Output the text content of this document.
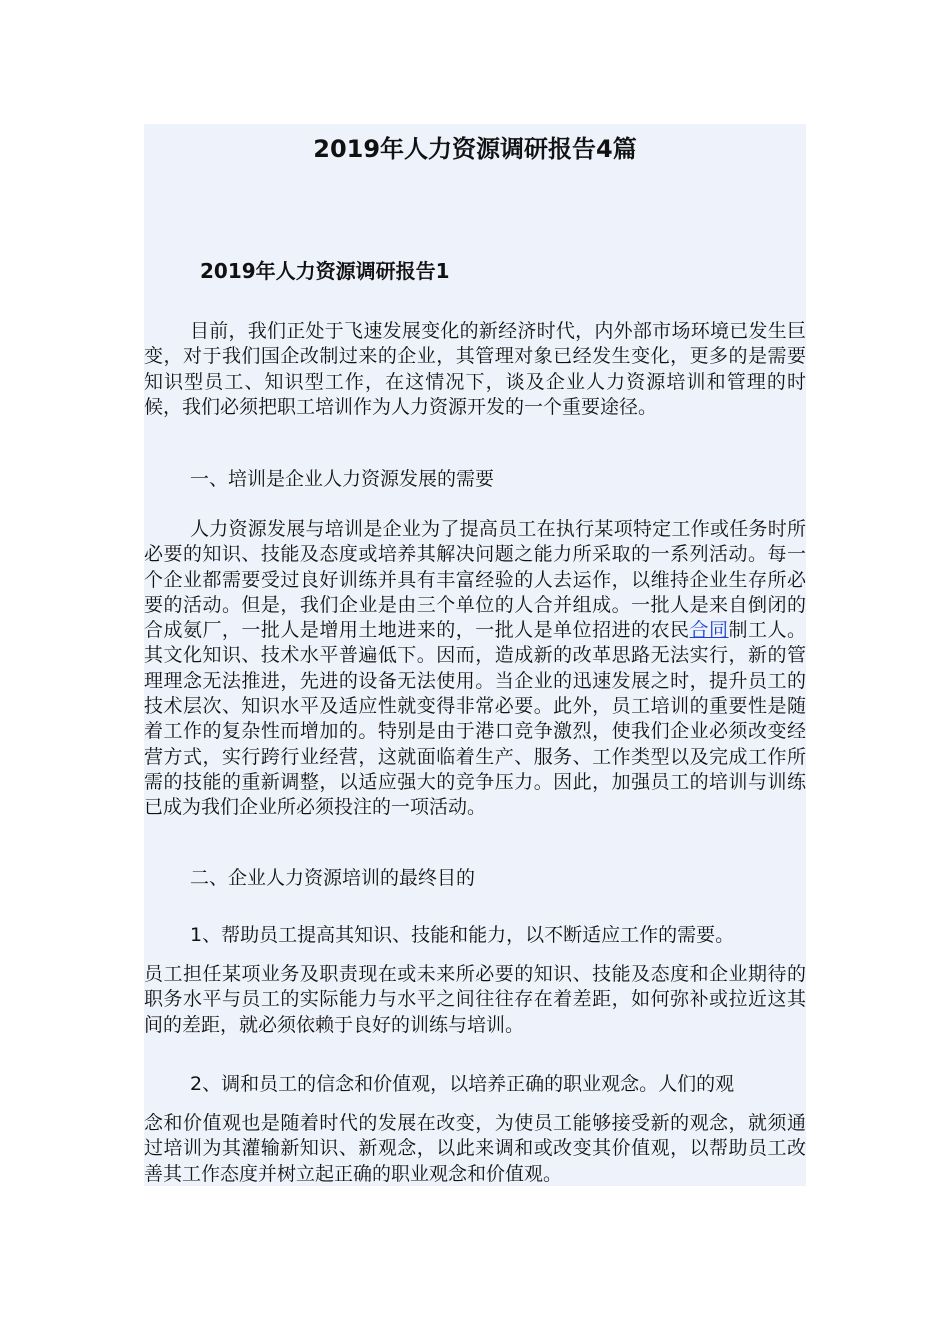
2019年人力资源调研报告4篇
2019年人力资源调研报告1

目前，我们正处于飞速发展变化的新经济时代，内外部市场环境已发生巨变，对于我们国企改制过来的企业，其管理对象已经发生变化，更多的是需要知识型员工、知识型工作，在这情况下，谈及企业人力资源培训和管理的时候，我们必须把职工培训作为人力资源开发的一个重要途径。

一、培训是企业人力资源发展的需要

人力资源发展与培训是企业为了提高员工在执行某项特定工作或任务时所必要的知识、技能及态度或培养其解决问题之能力所采取的一系列活动。每一个企业都需要受过良好训练并具有丰富经验的人去运作，以维持企业生存所必要的活动。但是，我们企业是由三个单位的人合并组成。一批人是来自倒闭的合成氨厂，一批人是增用土地进来的，一批人是单位招进的农民合同制工人。其文化知识、技术水平普遍低下。因而，造成新的改革思路无法实行，新的管理理念无法推进，先进的设备无法使用。当企业的迅速发展之时，提升员工的技术层次、知识水平及适应性就变得非常必要。此外，员工培训的重要性是随着工作的复杂性而增加的。特别是由于港口竞争激烈，使我们企业必须改变经营方式，实行跨行业经营，这就面临着生产、服务、工作类型以及完成工作所需的技能的重新调整，以适应强大的竞争压力。因此，加强员工的培训与训练已成为我们企业所必须投注的一项活动。

二、企业人力资源培训的最终目的

1、帮助员工提高其知识、技能和能力，以不断适应工作的需要。

员工担任某项业务及职责现在或未来所必要的知识、技能及态度和企业期待的职务水平与员工的实际能力与水平之间往往存在着差距，如何弥补或拉近这其间的差距，就必须依赖于良好的训练与培训。

2、调和员工的信念和价值观，以培养正确的职业观念。人们的观

念和价值观也是随着时代的发展在改变，为使员工能够接受新的观念，就须通过培训为其灌输新知识、新观念，以此来调和或改变其价值观，以帮助员工改善其工作态度并树立起正确的职业观念和价值观。
